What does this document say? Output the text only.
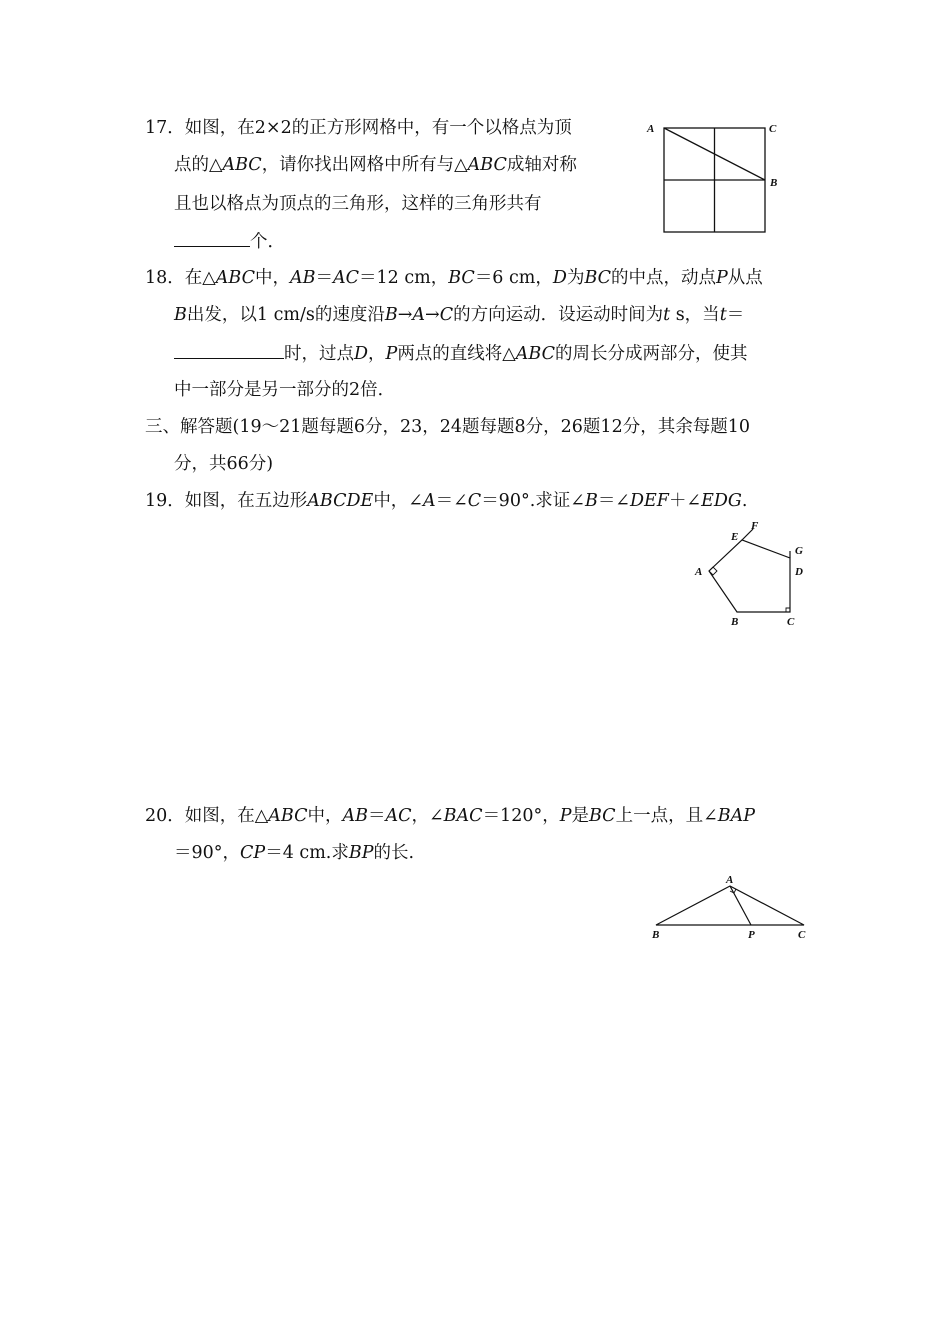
17．如图，在2×2的正方形网格中，有一个以格点为顶
点的△ABC，请你找出网格中所有与△ABC成轴对称
且也以格点为顶点的三角形，这样的三角形共有
个．
A	C
B
18．在△ABC中，AB＝AC＝12 cm，BC＝6 cm，D为BC的中点，动点P从点
B出发，以1 cm/s的速度沿B→A→C的方向运动．设运动时间为t s，当t＝
时，过点D，P两点的直线将△ABC的周长分成两部分，使其
中一部分是另一部分的2倍．
三、解答题(19～21题每题6分，23，24题每题8分，26题12分，其余每题10
分，共66分)
19．如图，在五边形ABCDE中，∠A＝∠C＝90°.求证∠B＝∠DEF＋∠EDG.
A
E
F
G
D
B	C
20．如图，在△ABC中，AB＝AC，∠BAC＝120°，P是BC上一点，且∠BAP
＝90°，CP＝4 cm.求BP的长.
A
B	P	C
